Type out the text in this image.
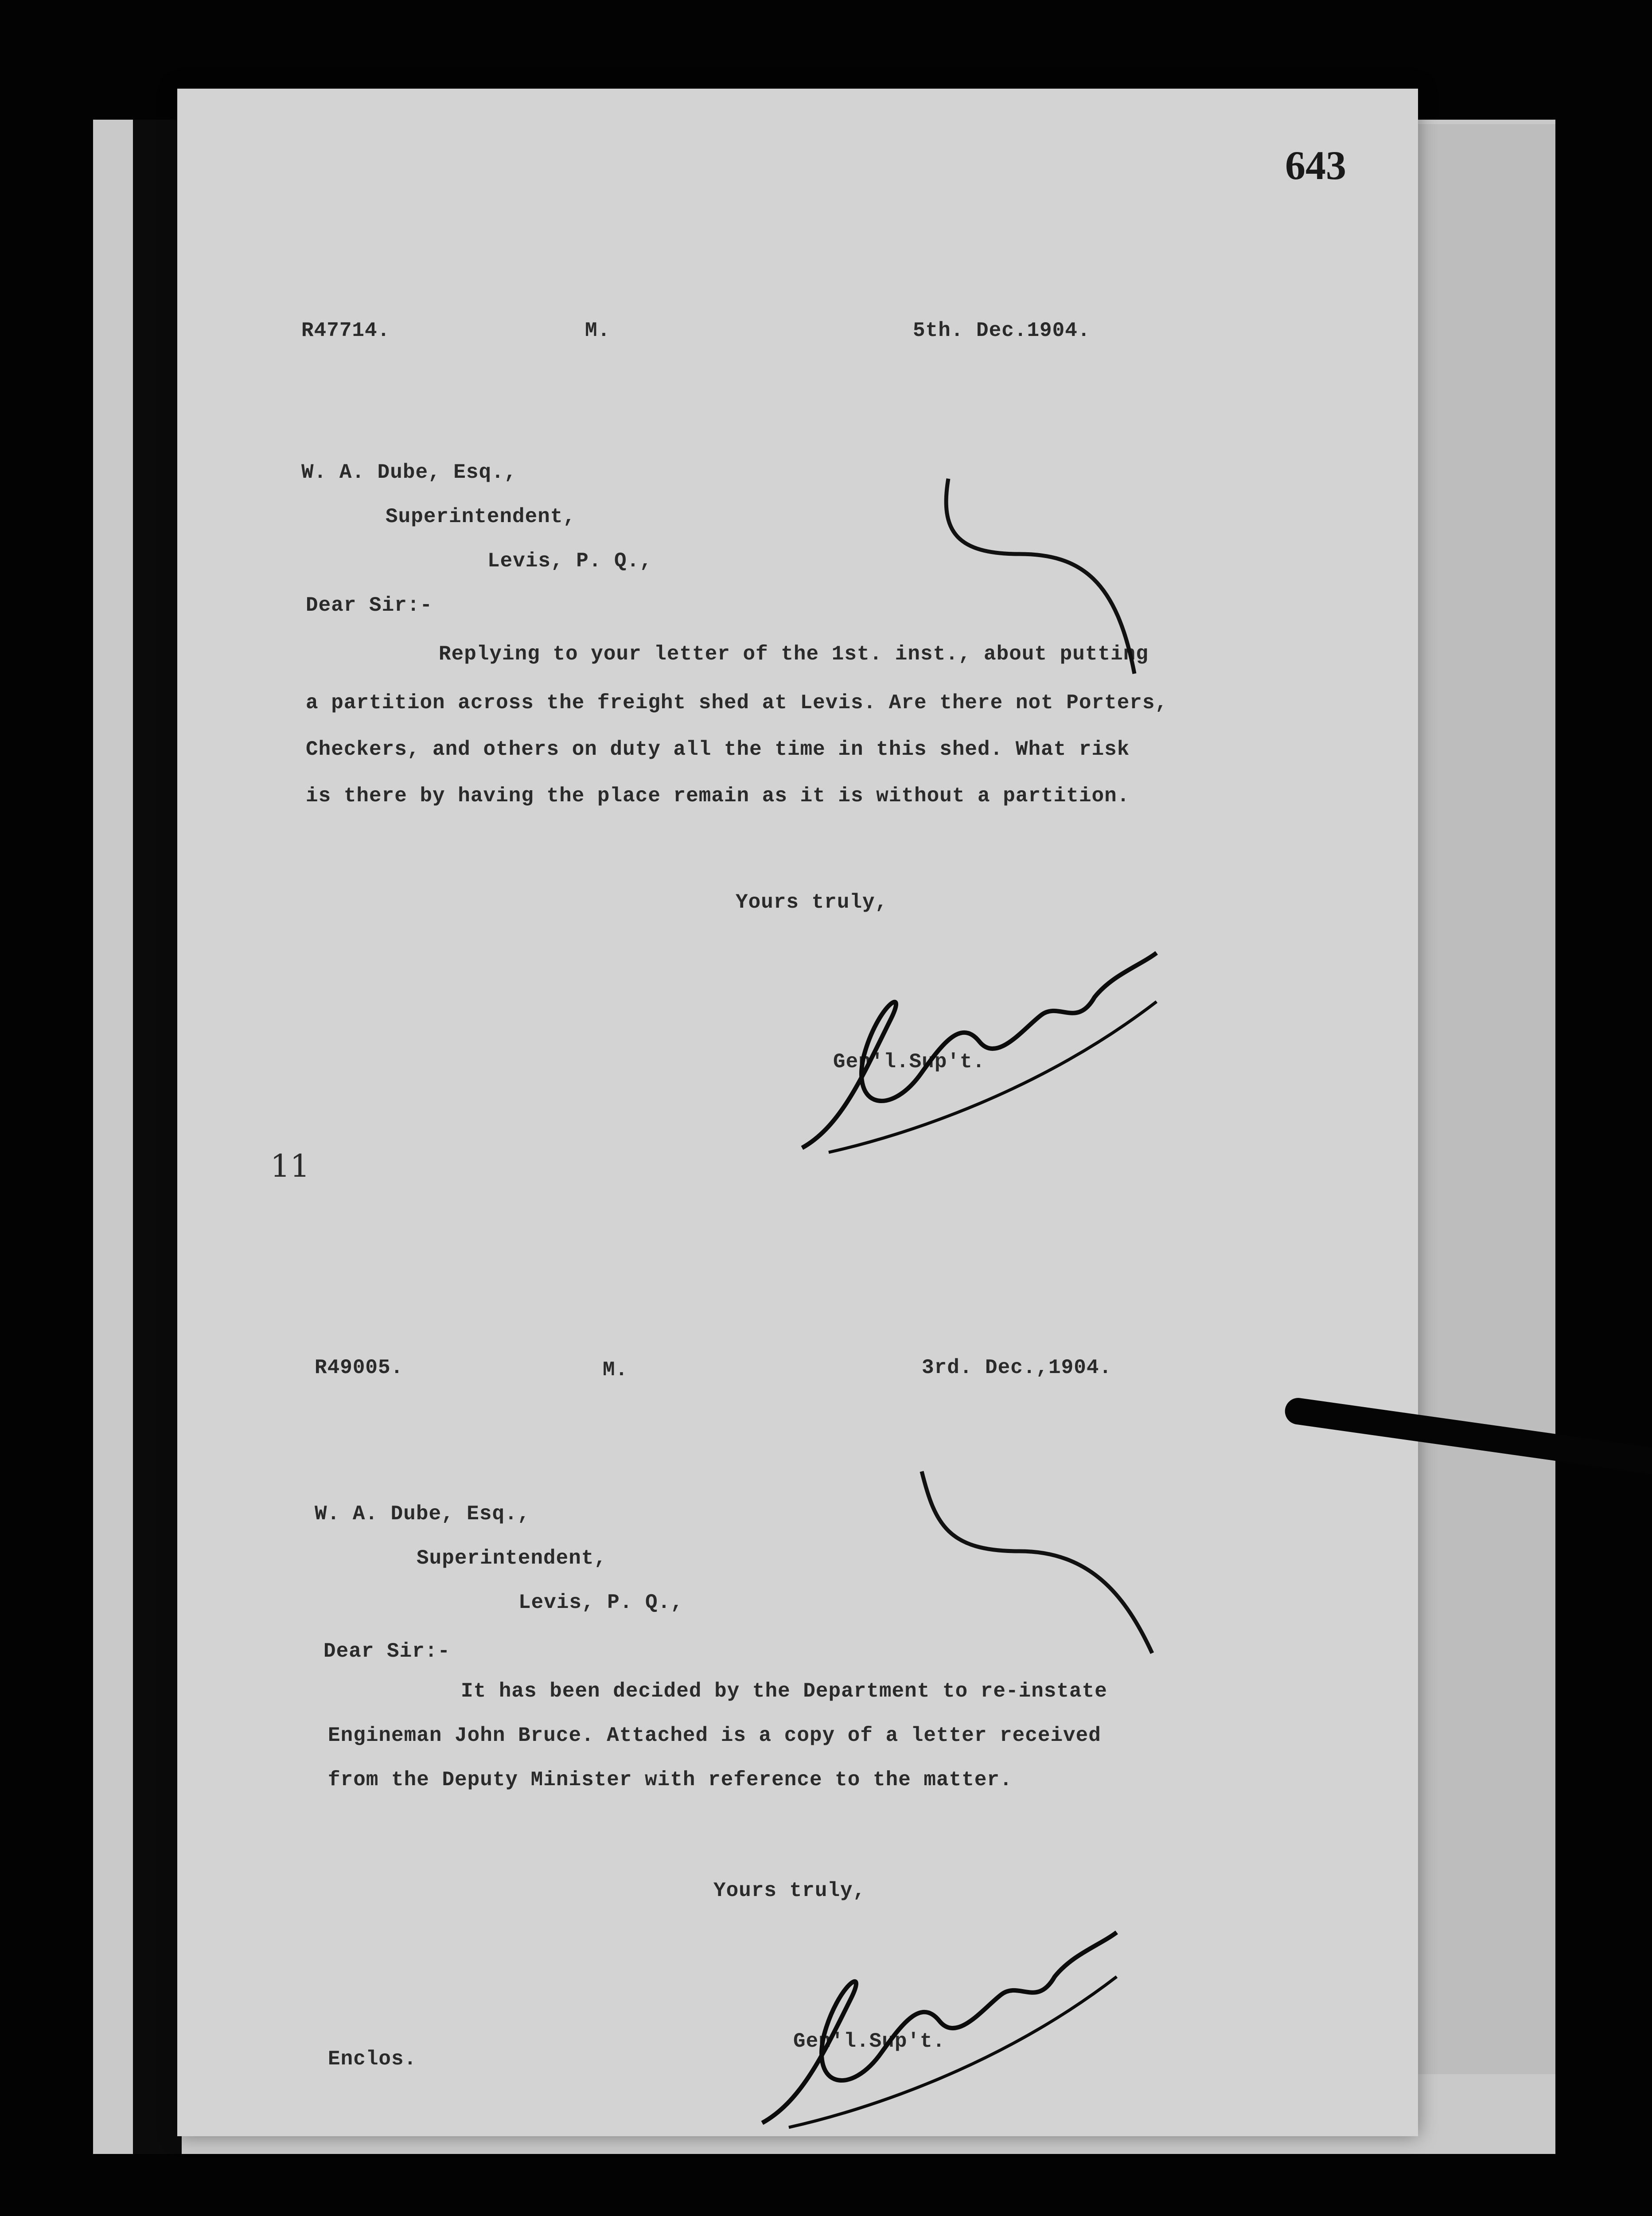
643
R47714.	M.	5th. Dec.1904.
W. A. Dube, Esq.,
Superintendent,
Levis, P. Q.,
Dear Sir:-
Replying to your letter of the 1st. inst., about putting
a partition across the freight shed at Levis. Are there not Porters,
Checkers, and others on duty all the time in this shed. What risk
is there by having the place remain as it is without a partition.
Yours truly,
Gen'l.Sup't.
11
R49005.	M.	3rd. Dec.,1904.
W. A. Dube, Esq.,
Superintendent,
Levis, P. Q.,
Dear Sir:-
It has been decided by the Department to re-instate
Engineman John Bruce. Attached is a copy of a letter received
from the Deputy Minister with reference to the matter.
Yours truly,
Gen'l.Sup't.
Enclos.
